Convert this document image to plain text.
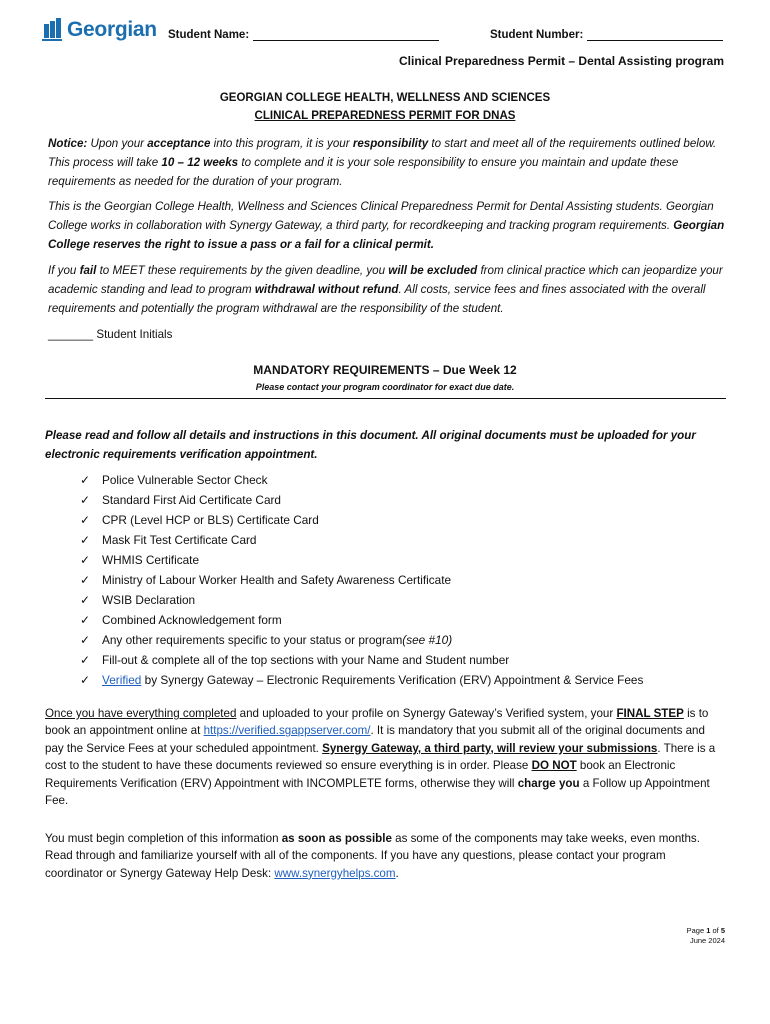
Georgian Student Name:	Student Number:
Clinical Preparedness Permit – Dental Assisting program
GEORGIAN COLLEGE HEALTH, WELLNESS AND SCIENCES
CLINICAL PREPAREDNESS PERMIT FOR DNAS
Notice: Upon your acceptance into this program, it is your responsibility to start and meet all of the requirements outlined below. This process will take 10 – 12 weeks to complete and it is your sole responsibility to ensure you maintain and update these requirements as needed for the duration of your program.
This is the Georgian College Health, Wellness and Sciences Clinical Preparedness Permit for Dental Assisting students. Georgian College works in collaboration with Synergy Gateway, a third party, for recordkeeping and tracking program requirements. Georgian College reserves the right to issue a pass or a fail for a clinical permit.
If you fail to MEET these requirements by the given deadline, you will be excluded from clinical practice which can jeopardize your academic standing and lead to program withdrawal without refund. All costs, service fees and fines associated with the overall requirements and potentially the program withdrawal are the responsibility of the student.
_______ Student Initials
MANDATORY REQUIREMENTS – Due Week 12
Please contact your program coordinator for exact due date.
Please read and follow all details and instructions in this document. All original documents must be uploaded for your electronic requirements verification appointment.
✓	Police Vulnerable Sector Check
✓	Standard First Aid Certificate Card
✓	CPR (Level HCP or BLS) Certificate Card
✓	Mask Fit Test Certificate Card
✓	WHMIS Certificate
✓	Ministry of Labour Worker Health and Safety Awareness Certificate
✓	WSIB Declaration
✓	Combined Acknowledgement form
✓	Any other requirements specific to your status or program (see #10)
✓	Fill-out & complete all of the top sections with your Name and Student number
✓	Verified by Synergy Gateway – Electronic Requirements Verification (ERV) Appointment & Service Fees
Once you have everything completed and uploaded to your profile on Synergy Gateway’s Verified system, your FINAL STEP is to book an appointment online at https://verified.sgappserver.com/. It is mandatory that you submit all of the original documents and pay the Service Fees at your scheduled appointment. Synergy Gateway, a third party, will review your submissions. There is a cost to the student to have these documents reviewed so ensure everything is in order. Please DO NOT book an Electronic Requirements Verification (ERV) Appointment with INCOMPLETE forms, otherwise they will charge you a Follow up Appointment Fee.
You must begin completion of this information as soon as possible as some of the components may take weeks, even months. Read through and familiarize yourself with all of the components. If you have any questions, please contact your program coordinator or Synergy Gateway Help Desk: www.synergyhelps.com.
Page 1 of 5
June 2024
